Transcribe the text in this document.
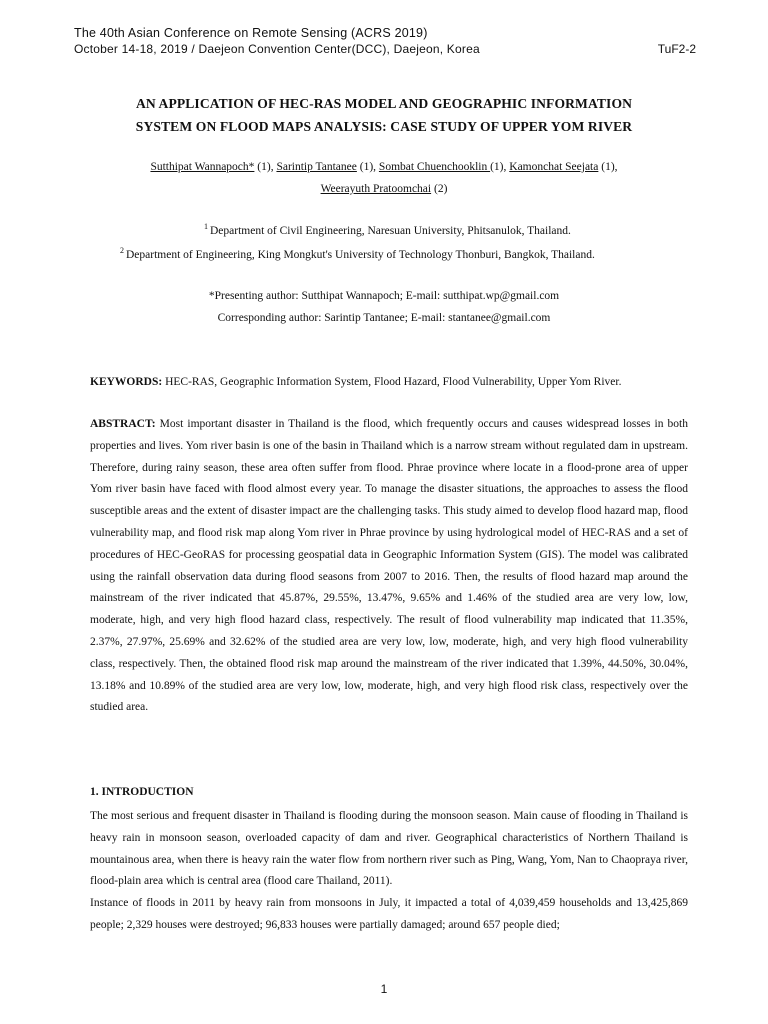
The 40th Asian Conference on Remote Sensing (ACRS 2019)
October 14-18, 2019 / Daejeon Convention Center(DCC), Daejeon, Korea	TuF2-2
AN APPLICATION OF HEC-RAS MODEL AND GEOGRAPHIC INFORMATION
SYSTEM ON FLOOD MAPS ANALYSIS: CASE STUDY OF UPPER YOM RIVER
Sutthipat Wannapoch* (1), Sarintip Tantanee (1), Sombat Chuenchooklin (1), Kamonchat Seejata (1),
Weerayuth Pratoomchai (2)
$^1$ Department of Civil Engineering, Naresuan University, Phitsanulok, Thailand.
$^2$ Department of Engineering, King Mongkut's University of Technology Thonburi, Bangkok, Thailand.
*Presenting author: Sutthipat Wannapoch; E-mail: sutthipat.wp@gmail.com
Corresponding author: Sarintip Tantanee; E-mail: stantanee@gmail.com
KEYWORDS: HEC-RAS, Geographic Information System, Flood Hazard, Flood Vulnerability, Upper Yom River.
ABSTRACT: Most important disaster in Thailand is the flood, which frequently occurs and causes widespread losses in both properties and lives. Yom river basin is one of the basin in Thailand which is a narrow stream without regulated dam in upstream. Therefore, during rainy season, these area often suffer from flood. Phrae province where locate in a flood-prone area of upper Yom river basin have faced with flood almost every year. To manage the disaster situations, the approaches to assess the flood susceptible areas and the extent of disaster impact are the challenging tasks. This study aimed to develop flood hazard map, flood vulnerability map, and flood risk map along Yom river in Phrae province by using hydrological model of HEC-RAS and a set of procedures of HEC-GeoRAS for processing geospatial data in Geographic Information System (GIS). The model was calibrated using the rainfall observation data during flood seasons from 2007 to 2016. Then, the results of flood hazard map around the mainstream of the river indicated that 45.87%, 29.55%, 13.47%, 9.65% and 1.46% of the studied area are very low, low, moderate, high, and very high flood hazard class, respectively. The result of flood vulnerability map indicated that 11.35%, 2.37%, 27.97%, 25.69% and 32.62% of the studied area are very low, low, moderate, high, and very high flood vulnerability class, respectively. Then, the obtained flood risk map around the mainstream of the river indicated that 1.39%, 44.50%, 30.04%, 13.18% and 10.89% of the studied area are very low, low, moderate, high, and very high flood risk class, respectively over the studied area.
1. INTRODUCTION
The most serious and frequent disaster in Thailand is flooding during the monsoon season. Main cause of flooding in Thailand is heavy rain in monsoon season, overloaded capacity of dam and river. Geographical characteristics of Northern Thailand is mountainous area, when there is heavy rain the water flow from northern river such as Ping, Wang, Yom, Nan to Chaopraya river, flood-plain area which is central area (flood care Thailand, 2011).
Instance of floods in 2011 by heavy rain from monsoons in July, it impacted a total of 4,039,459 households and 13,425,869 people; 2,329 houses were destroyed; 96,833 houses were partially damaged; around 657 people died;
1
